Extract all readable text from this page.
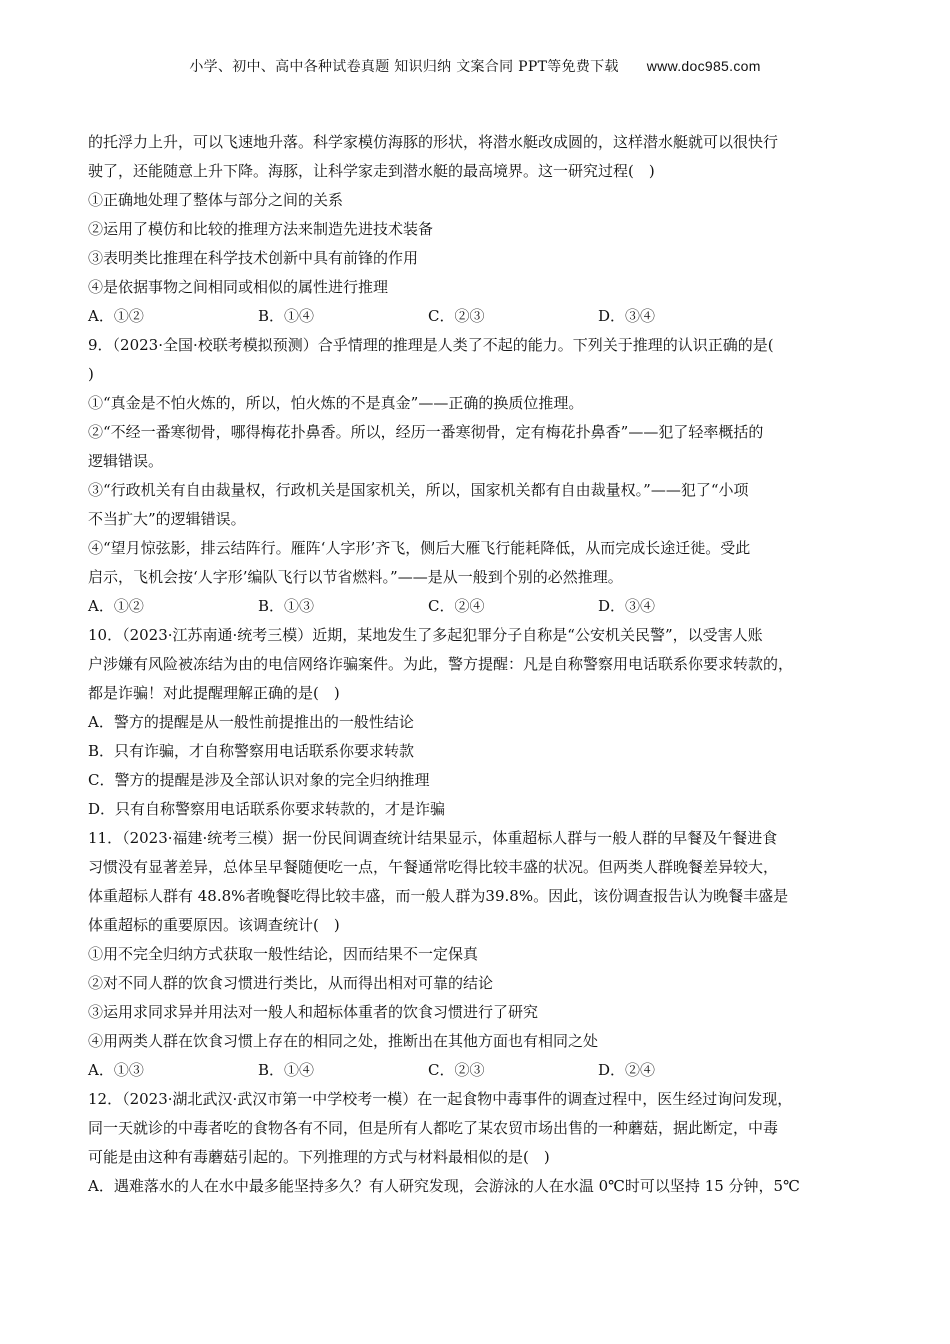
小学、初中、高中各种试卷真题 知识归纳 文案合同 PPT等免费下载 www.doc985.com

的托浮力上升，可以飞速地升落。科学家模仿海豚的形状，将潜水艇改成圆的，这样潜水艇就可以很快行

驶了，还能随意上升下降。海豚，让科学家走到潜水艇的最高境界。这一研究过程(　)

①正确地处理了整体与部分之间的关系

②运用了模仿和比较的推理方法来制造先进技术装备

③表明类比推理在科学技术创新中具有前锋的作用

④是依据事物之间相同或相似的属性进行推理

A．①②	B．①④	C．②③	D．③④

9．（2023·全国·校联考模拟预测）合乎情理的推理是人类了不起的能力。下列关于推理的认识正确的是(

)

①“真金是不怕火炼的，所以，怕火炼的不是真金”——正确的换质位推理。

②“不经一番寒彻骨，哪得梅花扑鼻香。所以，经历一番寒彻骨，定有梅花扑鼻香”——犯了轻率概括的

逻辑错误。

③“行政机关有自由裁量权，行政机关是国家机关，所以，国家机关都有自由裁量权。”——犯了“小项

不当扩大”的逻辑错误。

④“望月惊弦影，排云结阵行。雁阵‘人字形’齐飞，侧后大雁飞行能耗降低，从而完成长途迁徙。受此

启示，飞机会按‘人字形’编队飞行以节省燃料。”——是从一般到个别的必然推理。

A．①②	B．①③	C．②④	D．③④

10．（2023·江苏南通·统考三模）近期，某地发生了多起犯罪分子自称是“公安机关民警”，以受害人账

户涉嫌有风险被冻结为由的电信网络诈骗案件。为此，警方提醒：凡是自称警察用电话联系你要求转款的，

都是诈骗！对此提醒理解正确的是(　)

A．警方的提醒是从一般性前提推出的一般性结论

B．只有诈骗，才自称警察用电话联系你要求转款

C．警方的提醒是涉及全部认识对象的完全归纳推理

D．只有自称警察用电话联系你要求转款的，才是诈骗

11．（2023·福建·统考三模）据一份民间调查统计结果显示，体重超标人群与一般人群的早餐及午餐进食

习惯没有显著差异，总体呈早餐随便吃一点，午餐通常吃得比较丰盛的状况。但两类人群晚餐差异较大，

体重超标人群有 48.8%者晚餐吃得比较丰盛，而一般人群为39.8%。因此，该份调查报告认为晚餐丰盛是

体重超标的重要原因。该调查统计(　)

①用不完全归纳方式获取一般性结论，因而结果不一定保真

②对不同人群的饮食习惯进行类比，从而得出相对可靠的结论

③运用求同求异并用法对一般人和超标体重者的饮食习惯进行了研究

④用两类人群在饮食习惯上存在的相同之处，推断出在其他方面也有相同之处

A．①③	B．①④	C．②③	D．②④

12．（2023·湖北武汉·武汉市第一中学校考一模）在一起食物中毒事件的调查过程中，医生经过询问发现，

同一天就诊的中毒者吃的食物各有不同，但是所有人都吃了某农贸市场出售的一种蘑菇，据此断定，中毒

可能是由这种有毒蘑菇引起的。下列推理的方式与材料最相似的是(　)

A．遇难落水的人在水中最多能坚持多久？有人研究发现，会游泳的人在水温 0℃时可以坚持 15 分钟，5℃
